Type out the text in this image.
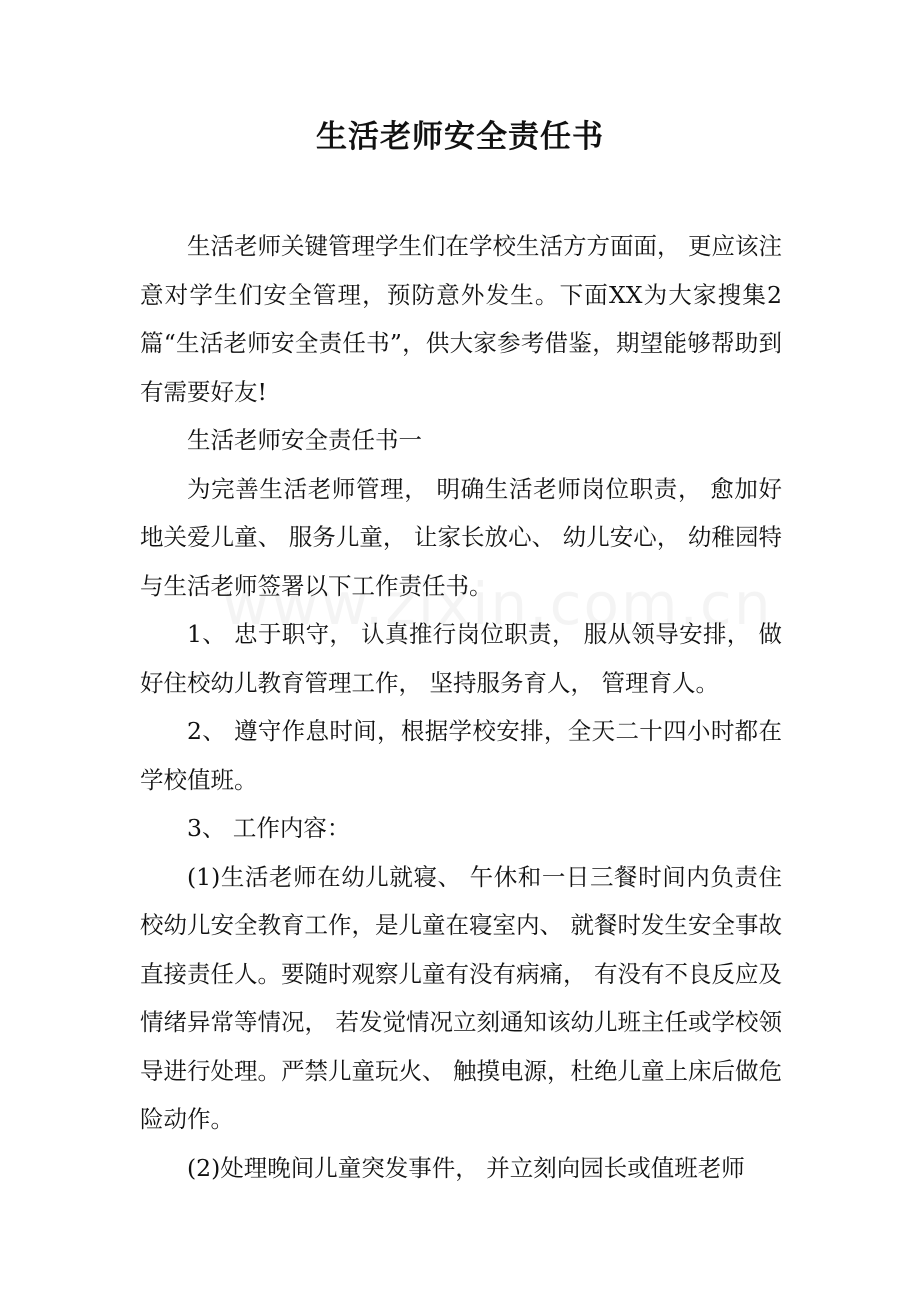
生活老师安全责任书

生活老师关键管理学生们在学校生活方方面面， 更应该注意对学生们安全管理，预防意外发生。下面XX为大家搜集2篇“生活老师安全责任书”，供大家参考借鉴，期望能够帮助到有需要好友!

生活老师安全责任书一

为完善生活老师管理， 明确生活老师岗位职责， 愈加好地关爱儿童、 服务儿童， 让家长放心、 幼儿安心， 幼稚园特与生活老师签署以下工作责任书。

1、 忠于职守， 认真推行岗位职责， 服从领导安排， 做好住校幼儿教育管理工作， 坚持服务育人， 管理育人。

2、 遵守作息时间，根据学校安排，全天二十四小时都在学校值班。

3、 工作内容：

(1)生活老师在幼儿就寝、 午休和一日三餐时间内负责住校幼儿安全教育工作，是儿童在寝室内、 就餐时发生安全事故直接责任人。要随时观察儿童有没有病痛， 有没有不良反应及情绪异常等情况， 若发觉情况立刻通知该幼儿班主任或学校领导进行处理。严禁儿童玩火、 触摸电源，杜绝儿童上床后做危险动作。

(2)处理晚间儿童突发事件， 并立刻向园长或值班老师
